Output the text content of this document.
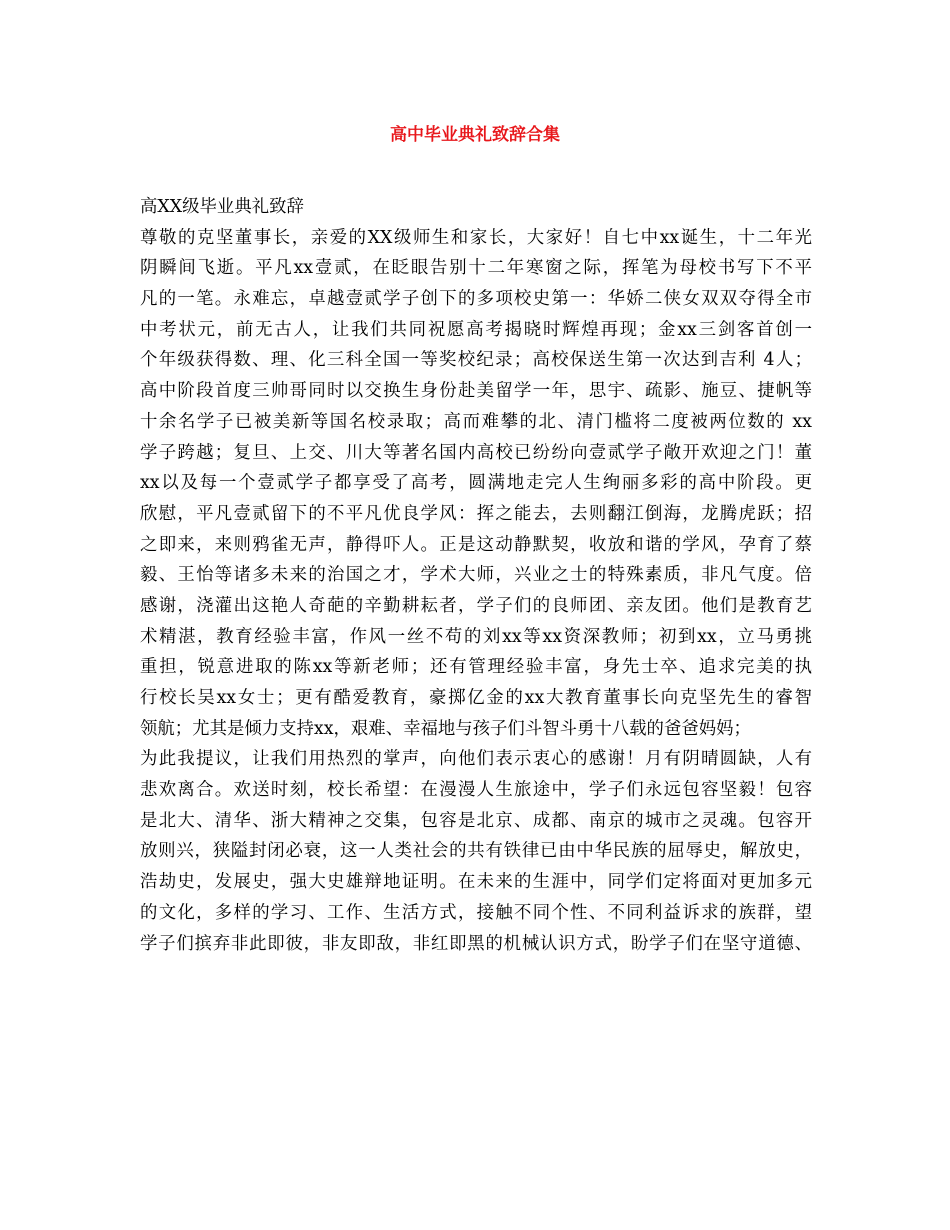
高中毕业典礼致辞合集
高XX级毕业典礼致辞
尊敬的克坚董事长，亲爱的XX级师生和家长，大家好！自七中xx诞生，十二年光
阴瞬间飞逝。平凡xx壹贰，在眨眼告别十二年寒窗之际，挥笔为母校书写下不平
凡的一笔。永难忘，卓越壹贰学子创下的多项校史第一：华娇二侠女双双夺得全市
中考状元，前无古人，让我们共同祝愿高考揭晓时辉煌再现；金xx三剑客首创一
个年级获得数、理、化三科全国一等奖校纪录；高校保送生第一次达到吉利 4人；
高中阶段首度三帅哥同时以交换生身份赴美留学一年，思宇、疏影、施豆、捷帆等
十余名学子已被美新等国名校录取；高而难攀的北、清门槛将二度被两位数的 xx
学子跨越；复旦、上交、川大等著名国内高校已纷纷向壹贰学子敞开欢迎之门！董
xx以及每一个壹贰学子都享受了高考，圆满地走完人生绚丽多彩的高中阶段。更
欣慰，平凡壹贰留下的不平凡优良学风：挥之能去，去则翻江倒海，龙腾虎跃；招
之即来，来则鸦雀无声，静得吓人。正是这动静默契，收放和谐的学风，孕育了蔡
毅、王怡等诸多未来的治国之才，学术大师，兴业之士的特殊素质，非凡气度。倍
感谢，浇灌出这艳人奇葩的辛勤耕耘者，学子们的良师团、亲友团。他们是教育艺
术精湛，教育经验丰富，作风一丝不苟的刘xx等xx资深教师；初到xx，立马勇挑
重担，锐意进取的陈xx等新老师；还有管理经验丰富，身先士卒、追求完美的执
行校长吴xx女士；更有酷爱教育，豪掷亿金的xx大教育董事长向克坚先生的睿智
领航；尤其是倾力支持xx，艰难、幸福地与孩子们斗智斗勇十八载的爸爸妈妈；
为此我提议，让我们用热烈的掌声，向他们表示衷心的感谢！月有阴晴圆缺，人有
悲欢离合。欢送时刻，校长希望：在漫漫人生旅途中，学子们永远包容坚毅！包容
是北大、清华、浙大精神之交集，包容是北京、成都、南京的城市之灵魂。包容开
放则兴，狭隘封闭必衰，这一人类社会的共有铁律已由中华民族的屈辱史，解放史，
浩劫史，发展史，强大史雄辩地证明。在未来的生涯中，同学们定将面对更加多元
的文化，多样的学习、工作、生活方式，接触不同个性、不同利益诉求的族群，望
学子们摈弃非此即彼，非友即敌，非红即黑的机械认识方式，盼学子们在坚守道德、
